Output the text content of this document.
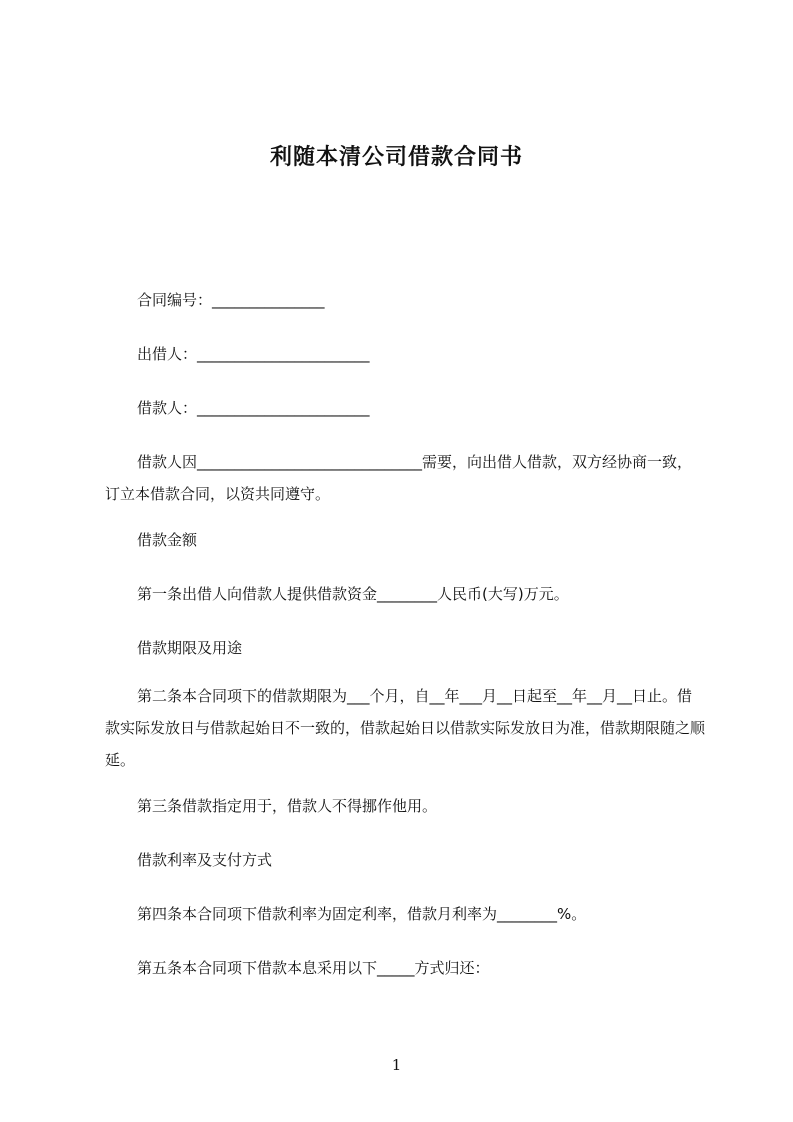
利随本清公司借款合同书
合同编号：_______________
出借人：_______________________
借款人：_______________________
借款人因______________________________需要，向出借人借款，双方经协商一致，订立本借款合同，以资共同遵守。
借款金额
第一条出借人向借款人提供借款资金________人民币(大写)万元。
借款期限及用途
第二条本合同项下的借款期限为___个月，自__年___月__日起至__年__月__日止。借款实际发放日与借款起始日不一致的，借款起始日以借款实际发放日为准，借款期限随之顺延。
第三条借款指定用于，借款人不得挪作他用。
借款利率及支付方式
第四条本合同项下借款利率为固定利率，借款月利率为________%。
第五条本合同项下借款本息采用以下_____方式归还：
1
